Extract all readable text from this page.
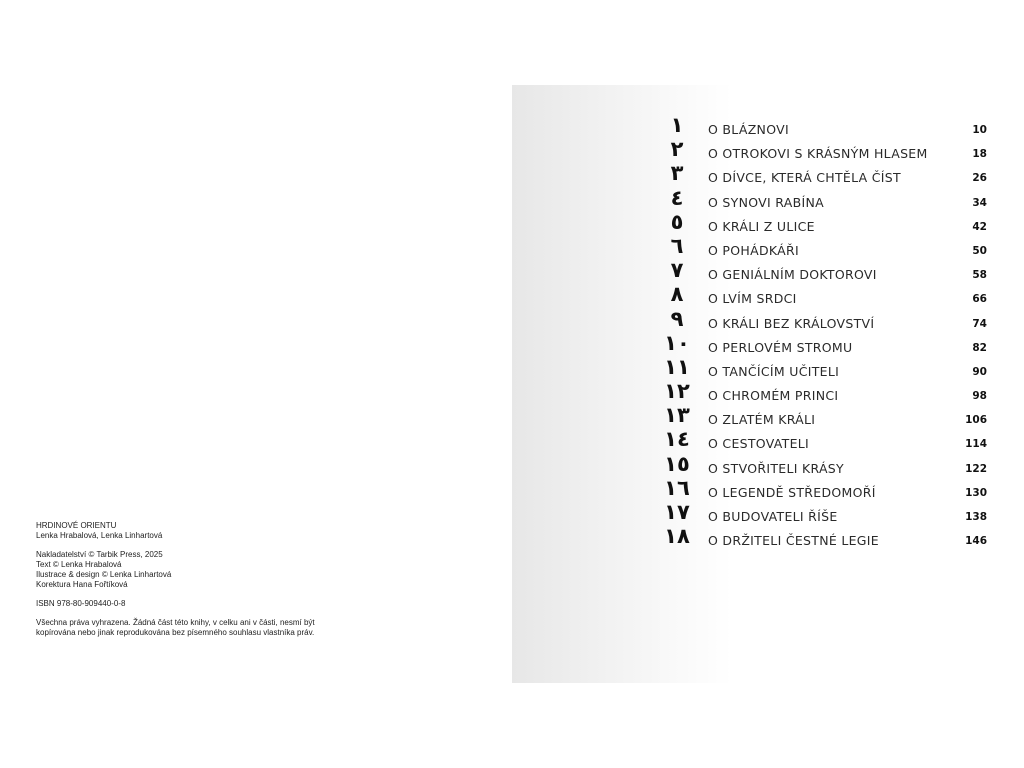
HRDINOVÉ ORIENTU
Lenka Hrabalová, Lenka Linhartová
Nakladatelství © Tarbik Press, 2025
Text © Lenka Hrabalová
Ilustrace & design © Lenka Linhartová
Korektura Hana Fořtíková
ISBN 978-80-909440-0-8
Všechna práva vyhrazena. Žádná část této knihy, v celku ani v části, nesmí být
kopírována nebo jinak reprodukována bez písemného souhlasu vlastníka práv.
١	O BLÁZNOVI	10
٢	O OTROKOVI S KRÁSNÝM HLASEM	18
٣	O DÍVCE, KTERÁ CHTĚLA ČÍST	26
٤	O SYNOVI RABÍNA	34
٥	O KRÁLI Z ULICE	42
٦	O POHÁDKÁŘI	50
٧	O GENIÁLNÍM DOKTOROVI	58
٨	O LVÍM SRDCI	66
٩	O KRÁLI BEZ KRÁLOVSTVÍ	74
١٠ O PERLOVÉM STROMU	82
١١ O TANČÍCÍM UČITELI	90
١٢ O CHROMÉM PRINCI	98
١٣ O ZLATÉM KRÁLI	106
١٤ O CESTOVATELI	114
١٥ O STVOŘITELI KRÁSY	122
١٦ O LEGENDĚ STŘEDOMOŘÍ	130
١٧ O BUDOVATELI ŘÍŠE	138
١٨ O DRŽITELI ČESTNÉ LEGIE	146
